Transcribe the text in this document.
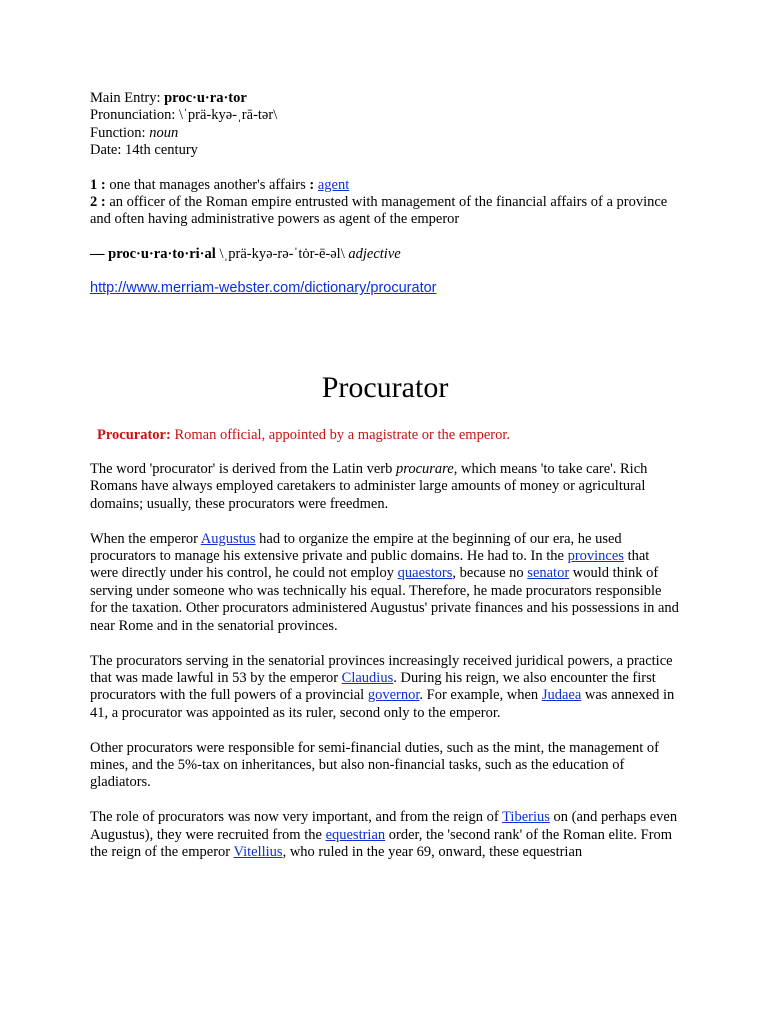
Main Entry: proc·u·ra·tor

Pronunciation: \ˈprä-kyə-ˌrā-tər\

Function: noun

Date: 14th century

1 : one that manages another's affairs : agent

2 : an officer of the Roman empire entrusted with management of the financial affairs of a province and often having administrative powers as agent of the emperor

— proc·u·ra·to·ri·al \ˌprä-kyə-rə-ˈtȯr-ē-əl\ adjective

http://www.merriam-webster.com/dictionary/procurator

Procurator

Procurator: Roman official, appointed by a magistrate or the emperor.

The word 'procurator' is derived from the Latin verb procurare, which means 'to take care'. Rich Romans have always employed caretakers to administer large amounts of money or agricultural domains; usually, these procurators were freedmen.

When the emperor Augustus had to organize the empire at the beginning of our era, he used procurators to manage his extensive private and public domains. He had to. In the provinces that were directly under his control, he could not employ quaestors, because no senator would think of serving under someone who was technically his equal. Therefore, he made procurators responsible for the taxation. Other procurators administered Augustus' private finances and his possessions in and near Rome and in the senatorial provinces.

The procurators serving in the senatorial provinces increasingly received juridical powers, a practice that was made lawful in 53 by the emperor Claudius. During his reign, we also encounter the first procurators with the full powers of a provincial governor. For example, when Judaea was annexed in 41, a procurator was appointed as its ruler, second only to the emperor.

Other procurators were responsible for semi-financial duties, such as the mint, the management of mines, and the 5%-tax on inheritances, but also non-financial tasks, such as the education of gladiators.

The role of procurators was now very important, and from the reign of Tiberius on (and perhaps even Augustus), they were recruited from the equestrian order, the 'second rank' of the Roman elite. From the reign of the emperor Vitellius, who ruled in the year 69, onward, these equestrian
